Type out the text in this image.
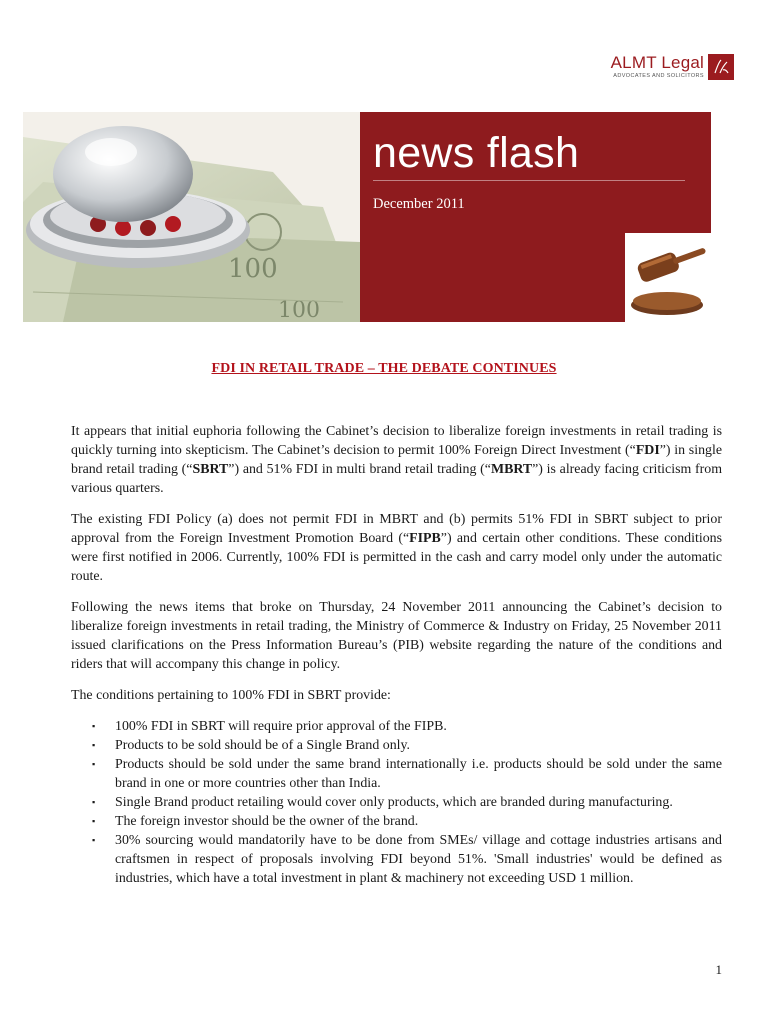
ALMT Legal
ADVOCATES AND SOLICITORS
100
100
news flash
December 2011
FDI IN RETAIL TRADE – THE DEBATE CONTINUES

It appears that initial euphoria following the Cabinet’s decision to liberalize foreign investments in retail trading is quickly turning into skepticism. The Cabinet’s decision to permit 100% Foreign Direct Investment (“FDI”) in single brand retail trading (“SBRT”) and 51% FDI in multi brand retail trading (“MBRT”) is already facing criticism from various quarters.

The existing FDI Policy (a) does not permit FDI in MBRT and (b) permits 51% FDI in SBRT subject to prior approval from the Foreign Investment Promotion Board (“FIPB”) and certain other conditions. These conditions were first notified in 2006. Currently, 100% FDI is permitted in the cash and carry model only under the automatic route.

Following the news items that broke on Thursday, 24 November 2011 announcing the Cabinet’s decision to liberalize foreign investments in retail trading, the Ministry of Commerce & Industry on Friday, 25 November 2011 issued clarifications on the Press Information Bureau’s (PIB) website regarding the nature of the conditions and riders that will accompany this change in policy.

The conditions pertaining to 100% FDI in SBRT provide:

▪ 100% FDI in SBRT will require prior approval of the FIPB.
▪ Products to be sold should be of a Single Brand only.
▪ Products should be sold under the same brand internationally i.e. products should be sold under the same brand in one or more countries other than India.
▪ Single Brand product retailing would cover only products, which are branded during manufacturing.
▪ The foreign investor should be the owner of the brand.
▪ 30% sourcing would mandatorily have to be done from SMEs/ village and cottage industries artisans and craftsmen in respect of proposals involving FDI beyond 51%. 'Small industries' would be defined as industries, which have a total investment in plant & machinery not exceeding USD 1 million.
1
